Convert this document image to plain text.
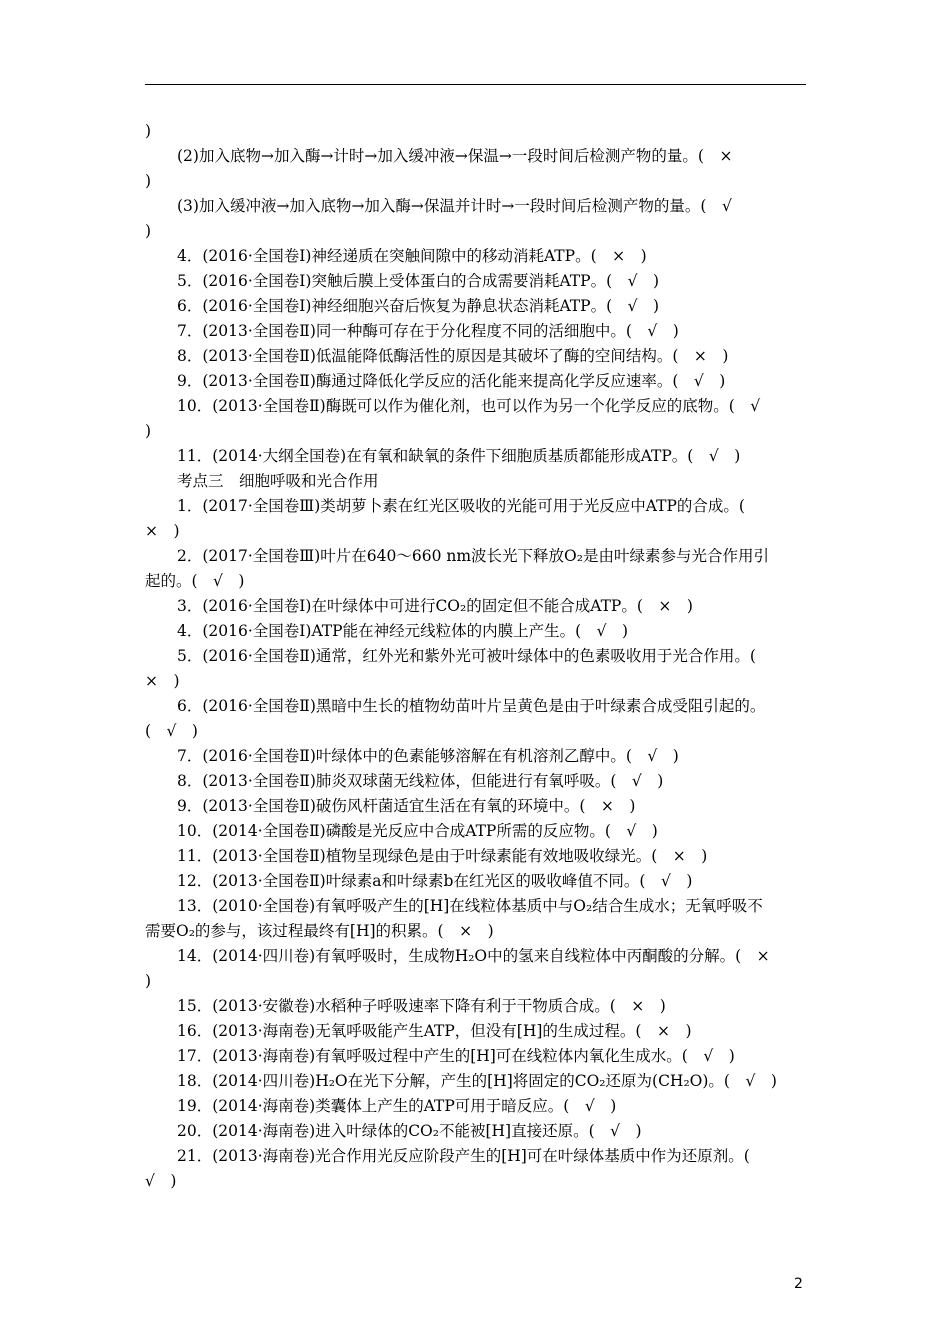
)
(2)加入底物→加入酶→计时→加入缓冲液→保温→一段时间后检测产物的量。(　×
)
(3)加入缓冲液→加入底物→加入酶→保温并计时→一段时间后检测产物的量。(　√
)
4．(2016·全国卷Ⅰ)神经递质在突触间隙中的移动消耗ATP。(　×　)
5．(2016·全国卷Ⅰ)突触后膜上受体蛋白的合成需要消耗ATP。(　√　)
6．(2016·全国卷Ⅰ)神经细胞兴奋后恢复为静息状态消耗ATP。(　√　)
7．(2013·全国卷Ⅱ)同一种酶可存在于分化程度不同的活细胞中。(　√　)
8．(2013·全国卷Ⅱ)低温能降低酶活性的原因是其破坏了酶的空间结构。(　×　)
9．(2013·全国卷Ⅱ)酶通过降低化学反应的活化能来提高化学反应速率。(　√　)
10．(2013·全国卷Ⅱ)酶既可以作为催化剂，也可以作为另一个化学反应的底物。(　√
)
11．(2014·大纲全国卷)在有氧和缺氧的条件下细胞质基质都能形成ATP。(　√　)
考点三　细胞呼吸和光合作用
1．(2017·全国卷Ⅲ)类胡萝卜素在红光区吸收的光能可用于光反应中ATP的合成。(
×　)
2．(2017·全国卷Ⅲ)叶片在640～660 nm波长光下释放O₂是由叶绿素参与光合作用引
起的。(　√　)
3．(2016·全国卷Ⅰ)在叶绿体中可进行CO₂的固定但不能合成ATP。(　×　)
4．(2016·全国卷Ⅰ)ATP能在神经元线粒体的内膜上产生。(　√　)
5．(2016·全国卷Ⅱ)通常，红外光和紫外光可被叶绿体中的色素吸收用于光合作用。(
×　)
6．(2016·全国卷Ⅱ)黑暗中生长的植物幼苗叶片呈黄色是由于叶绿素合成受阻引起的。
(　√　)
7．(2016·全国卷Ⅱ)叶绿体中的色素能够溶解在有机溶剂乙醇中。(　√　)
8．(2013·全国卷Ⅱ)肺炎双球菌无线粒体，但能进行有氧呼吸。(　√　)
9．(2013·全国卷Ⅱ)破伤风杆菌适宜生活在有氧的环境中。(　×　)
10．(2014·全国卷Ⅱ)磷酸是光反应中合成ATP所需的反应物。(　√　)
11．(2013·全国卷Ⅱ)植物呈现绿色是由于叶绿素能有效地吸收绿光。(　×　)
12．(2013·全国卷Ⅱ)叶绿素a和叶绿素b在红光区的吸收峰值不同。(　√　)
13．(2010·全国卷)有氧呼吸产生的[H]在线粒体基质中与O₂结合生成水；无氧呼吸不
需要O₂的参与，该过程最终有[H]的积累。(　×　)
14．(2014·四川卷)有氧呼吸时，生成物H₂O中的氢来自线粒体中丙酮酸的分解。(　×
)
15．(2013·安徽卷)水稻种子呼吸速率下降有利于干物质合成。(　×　)
16．(2013·海南卷)无氧呼吸能产生ATP，但没有[H]的生成过程。(　×　)
17．(2013·海南卷)有氧呼吸过程中产生的[H]可在线粒体内氧化生成水。(　√　)
18．(2014·四川卷)H₂O在光下分解，产生的[H]将固定的CO₂还原为(CH₂O)。(　√　)
19．(2014·海南卷)类囊体上产生的ATP可用于暗反应。(　√　)
20．(2014·海南卷)进入叶绿体的CO₂不能被[H]直接还原。(　√　)
21．(2013·海南卷)光合作用光反应阶段产生的[H]可在叶绿体基质中作为还原剂。(
√　)
2
